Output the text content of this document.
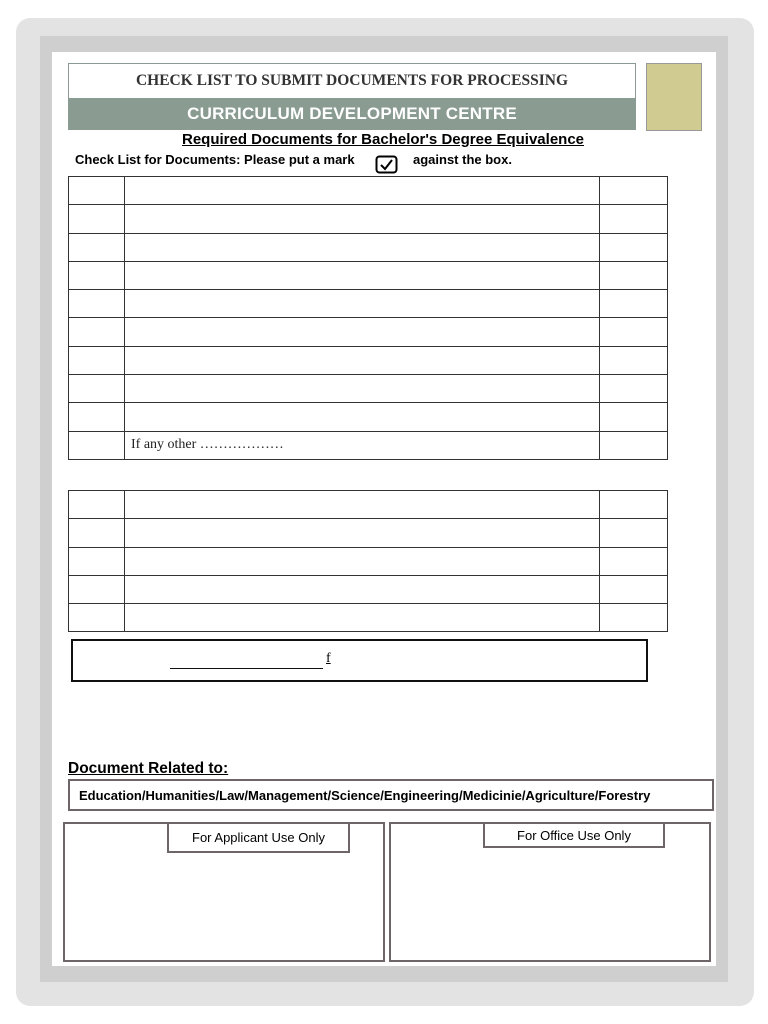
CHECK LIST TO SUBMIT DOCUMENTS FOR PROCESSING
CURRICULUM DEVELOPMENT CENTRE
Required Documents for Bachelor's Degree Equivalence
Check List for Documents: Please put a mark	against the box.

	If any other ………………	

f
Document Related to:
Education/Humanities/Law/Management/Science/Engineering/Medicinie/Agriculture/Forestry
For Applicant Use Only	For Office Use Only
